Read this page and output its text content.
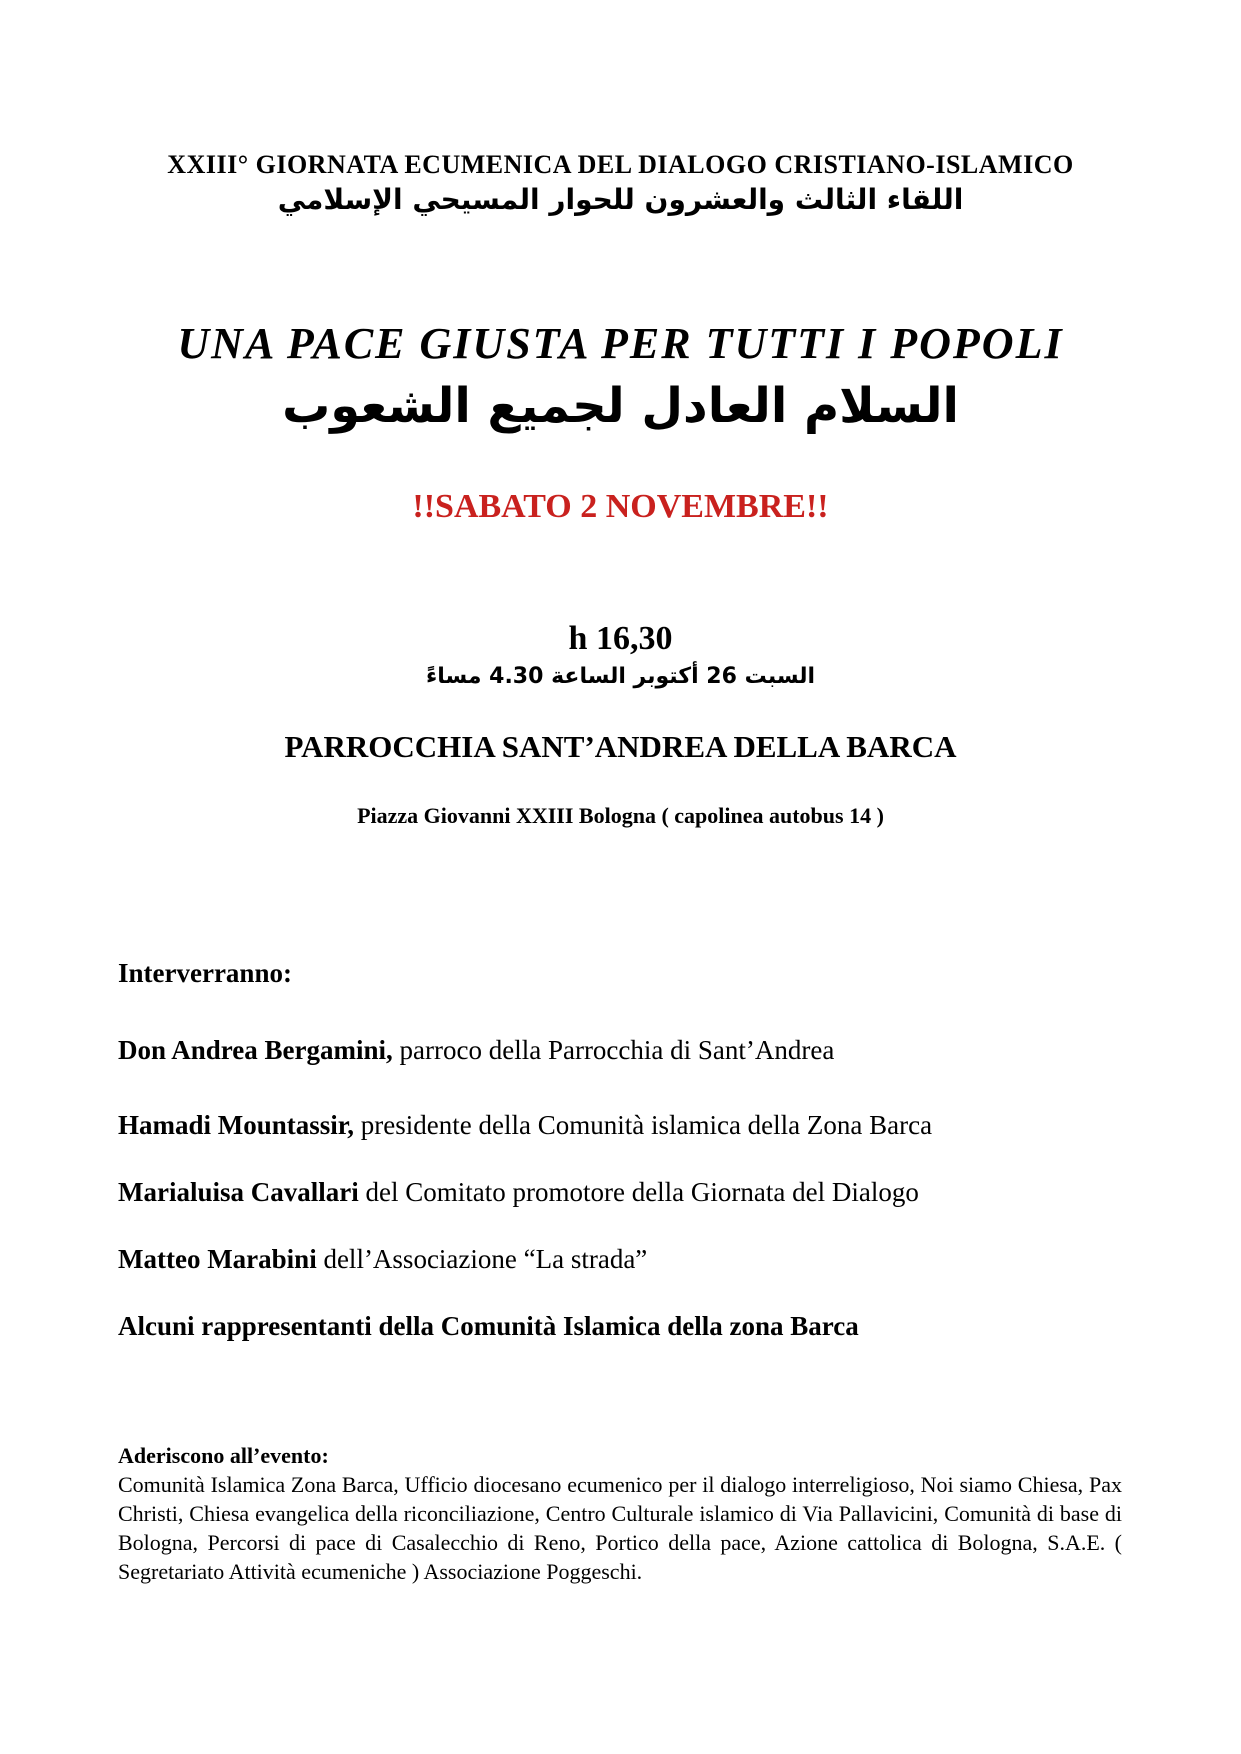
XXIII° GIORNATA ECUMENICA DEL DIALOGO CRISTIANO-ISLAMICO
اللقاء الثالث والعشرون للحوار المسيحي الإسلامي
UNA PACE GIUSTA PER TUTTI I POPOLI
السلام العادل لجميع الشعوب
!!SABATO 2 NOVEMBRE!!
h 16,30
السبت 26 أكتوبر الساعة 4.30 مساءً
PARROCCHIA SANT’ANDREA DELLA BARCA
Piazza Giovanni XXIII Bologna ( capolinea autobus 14 )
Interverranno:
Don Andrea Bergamini, parroco della Parrocchia di Sant’Andrea
Hamadi Mountassir, presidente della Comunità islamica della Zona Barca
Marialuisa Cavallari del Comitato promotore della Giornata del Dialogo
Matteo Marabini dell’Associazione “La strada”
Alcuni rappresentanti della Comunità Islamica della zona Barca
Aderiscono all’evento:
Comunità Islamica Zona Barca, Ufficio diocesano ecumenico per il dialogo interreligioso, Noi siamo Chiesa, Pax Christi, Chiesa evangelica della riconciliazione, Centro Culturale islamico di Via Pallavicini, Comunità di base di Bologna, Percorsi di pace di Casalecchio di Reno, Portico della pace, Azione cattolica di Bologna, S.A.E. ( Segretariato Attività ecumeniche ) Associazione Poggeschi.
